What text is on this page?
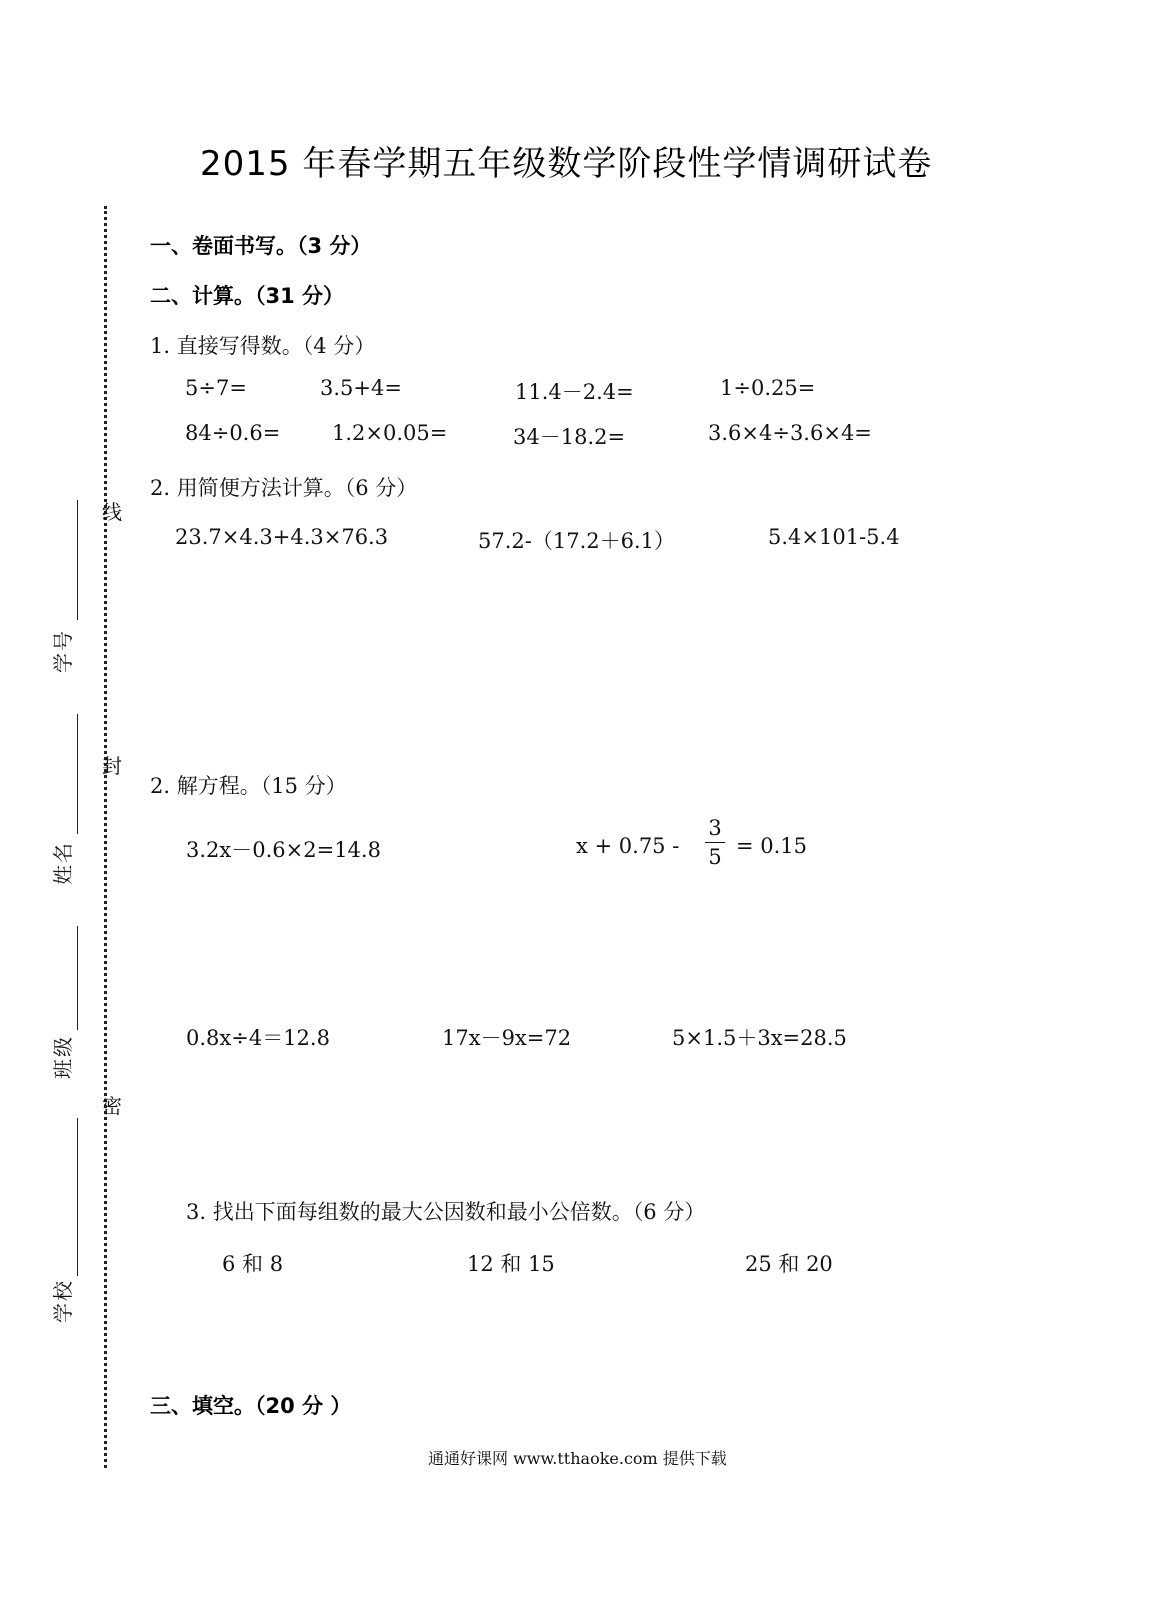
2015 年春学期五年级数学阶段性学情调研试卷
线
封
密
号
学
名
姓
级
班
校
学
一、卷面书写。（3 分）
二、计算。（31 分）
1. 直接写得数。（4 分）
5÷7=	3.5+4=	11.4－2.4=	1÷0.25=
84÷0.6= 1.2×0.05=	34－18.2=	3.6×4÷3.6×4=
2. 用简便方法计算。（6 分）
23.7×4.3+4.3×76.3	57.2-（17.2＋6.1）	5.4×101-5.4
2. 解方程。（15 分）
3.2x－0.6×2=14.8	x + 0.75 -
3
5 = 0.15
0.8x÷4＝12.8	17x－9x=72	5×1.5＋3x=28.5
3. 找出下面每组数的最大公因数和最小公倍数。（6 分）
6 和 8	12 和 15	25 和 20
三、填空。（20 分 ）
通通好课网 www.tthaoke.com 提供下载
